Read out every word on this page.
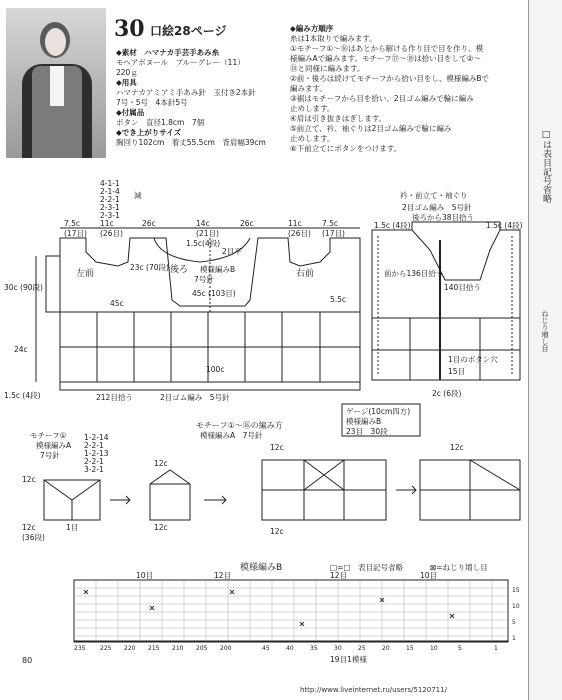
30 口絵28ページ
◆素材　ハマナカ手芸手あみ糸
モヘアボヌール　ブルーグレー（11）
220ｇ
◆用具
ハマナカアミアミ手あみ針　玉付き2本針
7号・5号　4本針5号
◆付属品
ボタン　直径1.8cm　7個
◆でき上がりサイズ
胸回り102cm　着丈55.5cm　背肩幅39cm
◆編み方順序
糸は1本取りで編みます。
①モチーフ①〜⑯はあとから解ける作り目で目を作り、模
様編みAで編みます。モチーフ⑰〜⑱は拾い目をして②〜
⑱と同様に編みます。
②前・後ろは続けてモチーフから拾い目をし、模様編みBで
編みます。
③裾はモチーフから目を拾い、2目ゴム編みで輪に編み
止めします。
④肩は引き抜きはぎします。
⑤前立て、衿、袖ぐりは2目ゴム編みで輪に編み
止めします。
⑥下前立てにボタンをつけます。	□は表目記号省略
ねじり増し目
4-1-1
2-1-4
2-2-1
2-3-1
2-3-1
減
7.5c	11c	26c	14c	26c	11c	7.5c
(17目) (26目)	(21目)	(26目) (17目)
1.5c(4段)
2目平
左前	後ろ 模様編みB
7号針
右前
23c (70段)
45c (103目)
45c
30c (90段)
24c
1.5c (4段)	212目拾う	2目ゴム編み　5号針
100c
5.5c
衿・前立て・袖ぐり
2目ゴム編み　5号針
後ろから38目拾う
1.5c (4段)	1.5c (4段)
前から136目拾う
140目拾う
1目のボタン穴
15目
2c (6段)
モチーフ①〜⑯の編み方
模様編みA　7号針
ゲージ(10cm四方)
模様編みB
23目　30段
モチーフ①
模様編みA
7号針
1-2-14
2-2-1
1-2-13
2-2-1
3-2-1
12c
12c
(36段)
1目
12c
12c
12c
12c
12c
模様編みB	□=□　表目記号省略	⊠=ねじり増し目
10目	12目	12目	10目
235 225 220 215 210 205 200	45	40	35	30	25	20	15	10	5	1
15
10
5
1
19目1模様
80
http://www.liveinternet.ru/users/5120711/
